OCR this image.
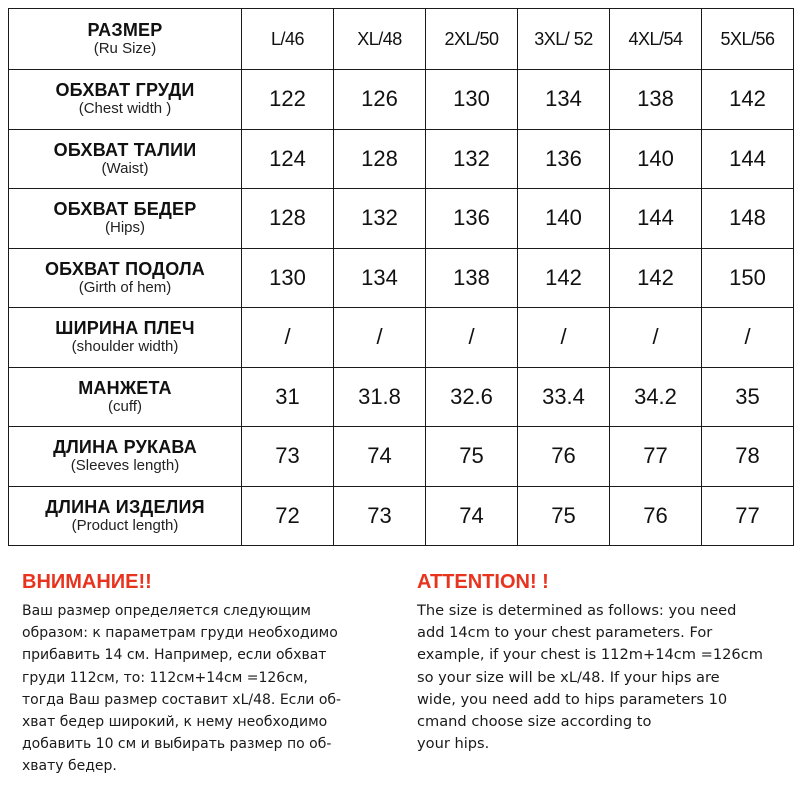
РАЗМЕР
(Ru Size)	L/46	XL/48	2XL/50	3XL/ 52	4XL/54	5XL/56

ОБХВАТ ГРУДИ
(Chest width )	122	126	130	134	138	142

ОБХВАТ ТАЛИИ
(Waist)	124	128	132	136	140	144

ОБХВАТ БЕДЕР
(Hips)	128	132	136	140	144	148

ОБХВАТ ПОДОЛА
(Girth of hem)	130	134	138	142	142	150

ШИРИНА ПЛЕЧ
(shoulder width)	/	/	/	/	/	/

МАНЖЕТА
(cuff)	31	31.8	32.6	33.4	34.2	35

ДЛИНА РУКАВА
(Sleeves length)	73	74	75	76	77	78

ДЛИНА ИЗДЕЛИЯ
(Product length)	72	73	74	75	76	77
ВНИМАНИЕ!!
Ваш размер определяется следующим
образом: к параметрам груди необходимо
прибавить 14 см. Например, если обхват
груди 112см, то: 112см+14см =126см,
тогда Ваш размер составит xL/48. Если об-
хват бедер широкий, к нему необходимо
добавить 10 см и выбирать размер по об-
хвату бедер.
ATTENTION! !
The size is determined as follows: you need
add 14cm to your chest parameters. For
example, if your chest is 112m+14cm =126cm
so your size will be xL/48. If your hips are
wide, you need add to hips parameters 10
cmand choose size according to
your hips.
